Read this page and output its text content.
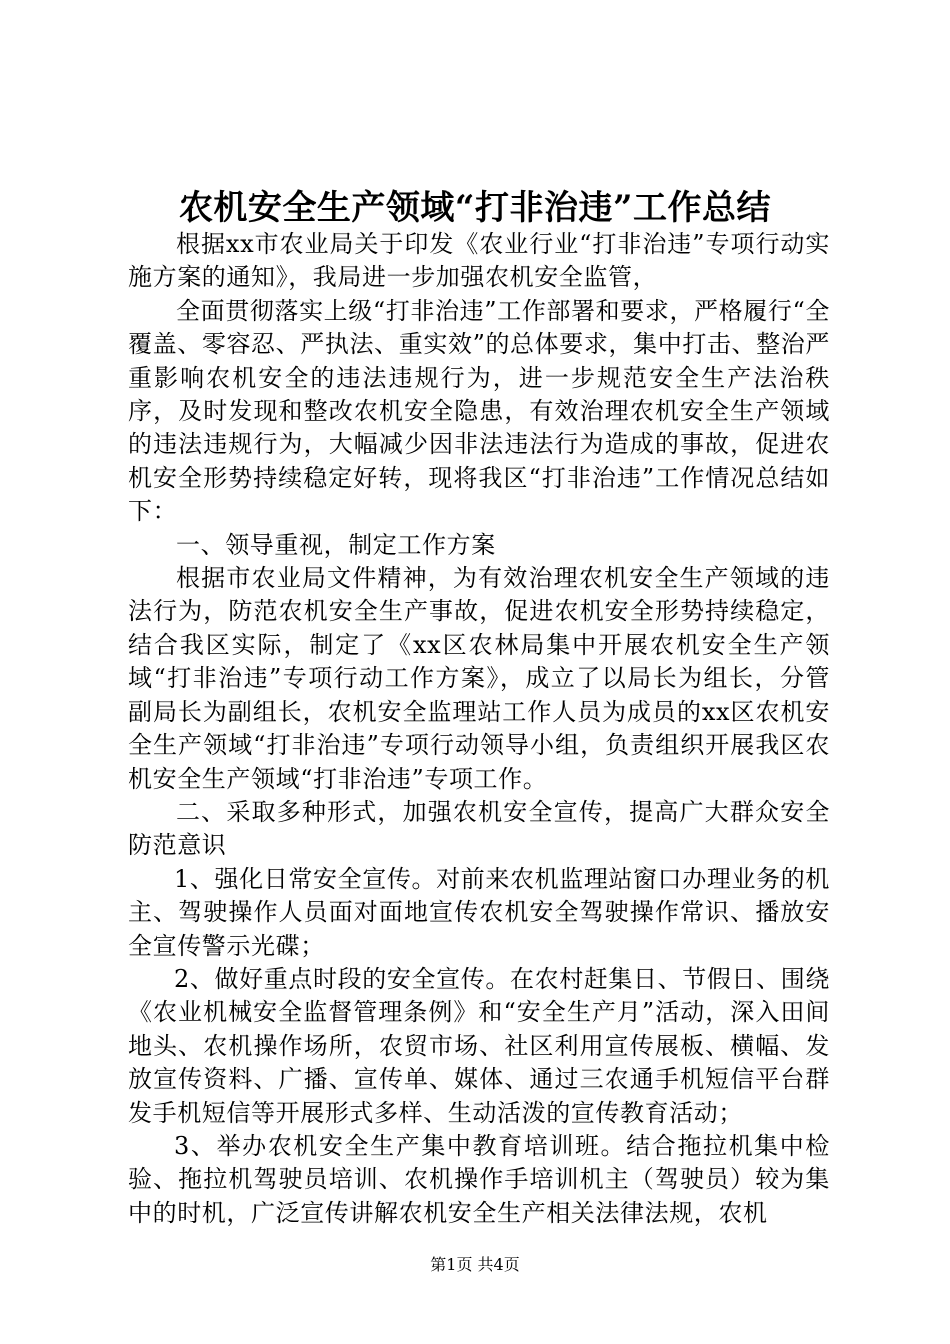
农机安全生产领域“打非治违”工作总结

根据xx市农业局关于印发《农业行业“打非治违”专项行动实施方案的通知》，我局进一步加强农机安全监管，

全面贯彻落实上级“打非治违”工作部署和要求，严格履行“全覆盖、零容忍、严执法、重实效”的总体要求，集中打击、整治严重影响农机安全的违法违规行为，进一步规范安全生产法治秩序，及时发现和整改农机安全隐患，有效治理农机安全生产领域的违法违规行为，大幅减少因非法违法行为造成的事故，促进农机安全形势持续稳定好转，现将我区“打非治违”工作情况总结如下：

一、领导重视，制定工作方案

根据市农业局文件精神，为有效治理农机安全生产领域的违法行为，防范农机安全生产事故，促进农机安全形势持续稳定，结合我区实际，制定了《xx区农林局集中开展农机安全生产领域“打非治违”专项行动工作方案》，成立了以局长为组长，分管副局长为副组长，农机安全监理站工作人员为成员的xx区农机安全生产领域“打非治违”专项行动领导小组，负责组织开展我区农机安全生产领域“打非治违”专项工作。

二、采取多种形式，加强农机安全宣传，提高广大群众安全防范意识

1、强化日常安全宣传。对前来农机监理站窗口办理业务的机主、驾驶操作人员面对面地宣传农机安全驾驶操作常识、播放安全宣传警示光碟；

2、做好重点时段的安全宣传。在农村赶集日、节假日、围绕《农业机械安全监督管理条例》和“安全生产月”活动，深入田间地头、农机操作场所，农贸市场、社区利用宣传展板、横幅、发放宣传资料、广播、宣传单、媒体、通过三农通手机短信平台群发手机短信等开展形式多样、生动活泼的宣传教育活动；

3、举办农机安全生产集中教育培训班。结合拖拉机集中检验、拖拉机驾驶员培训、农机操作手培训机主（驾驶员）较为集中的时机，广泛宣传讲解农机安全生产相关法律法规，农机

第1页 共4页
